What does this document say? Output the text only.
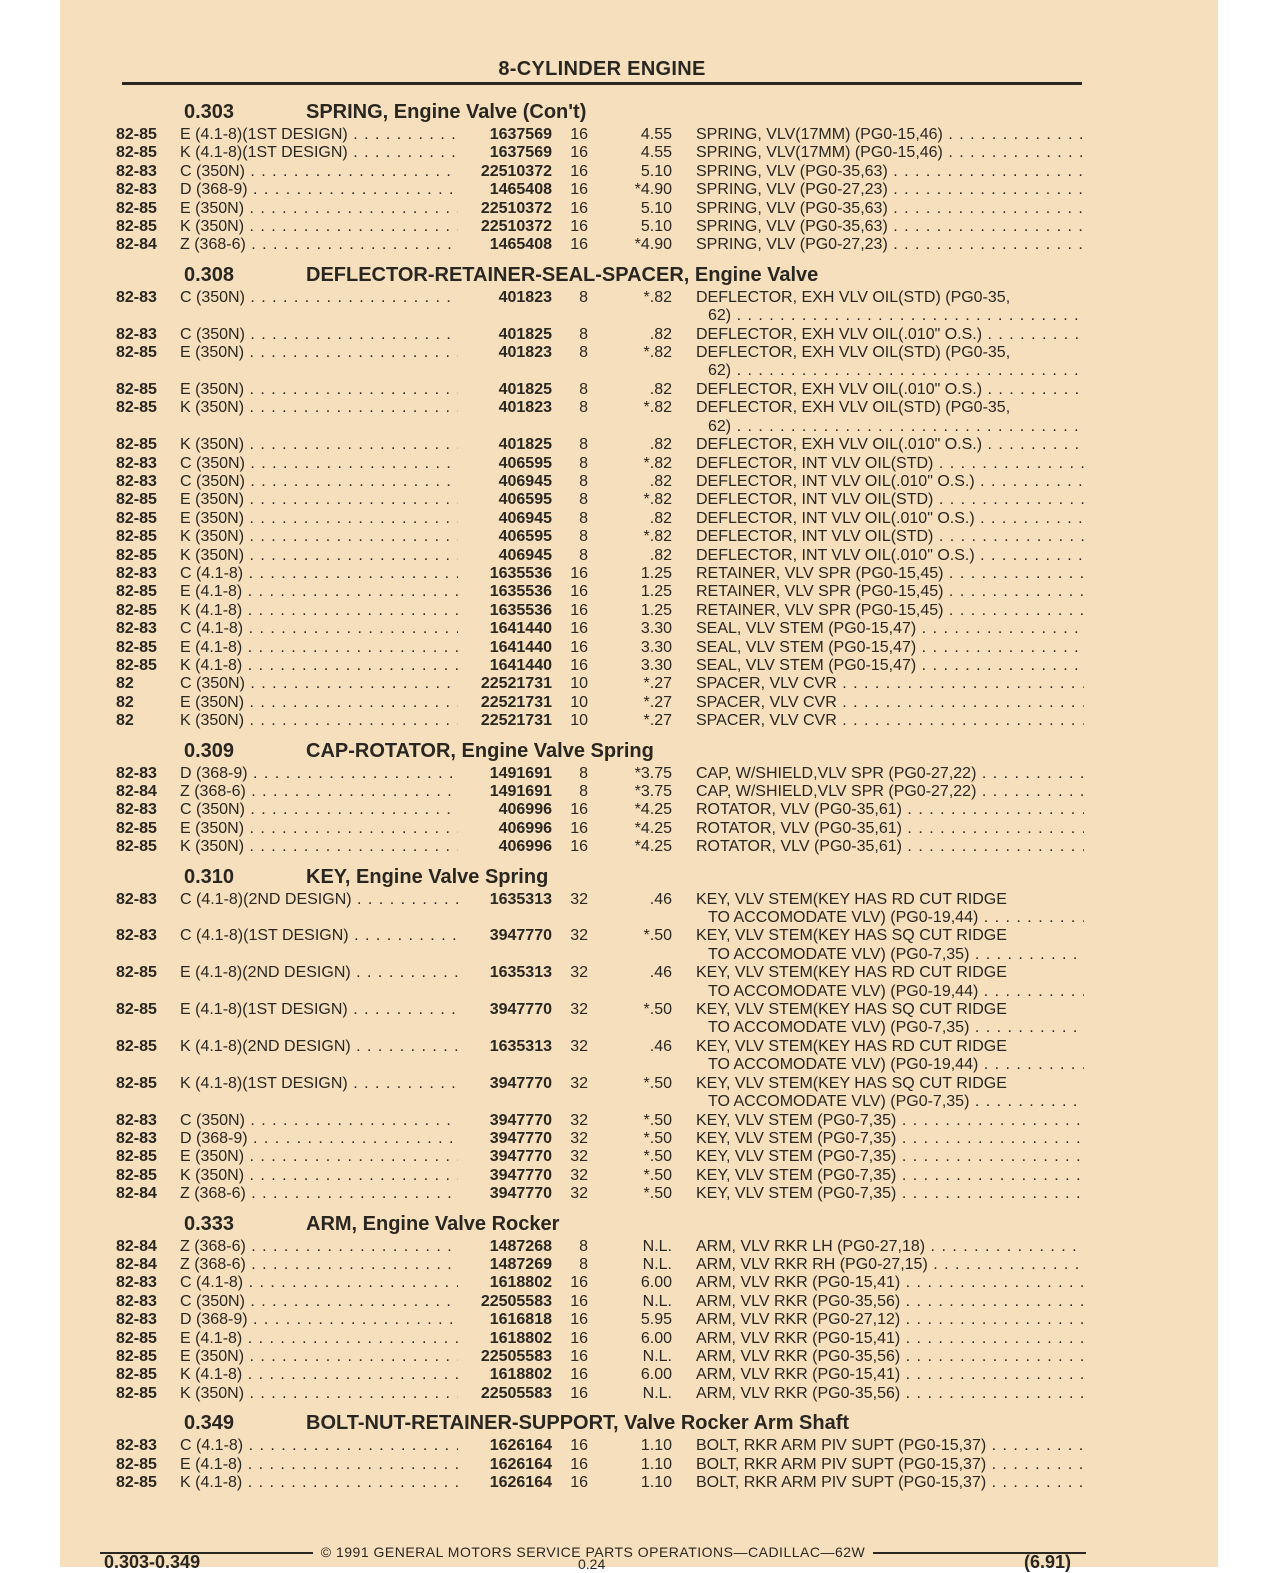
8-CYLINDER ENGINE
0.303	SPRING, Engine Valve (Con't)
82-85	E (4.1-8)(1ST DESIGN) . . .	1637569	16	4.55	SPRING, VLV(17MM) (PG0-15,46) . . .
82-85	K (4.1-8)(1ST DESIGN) . . .	1637569	16	4.55	SPRING, VLV(17MM) (PG0-15,46) . . .
82-83	C (350N) . . .	22510372	16	5.10	SPRING, VLV (PG0-35,63) . . .
82-83	D (368-9) . . .	1465408	16	*4.90	SPRING, VLV (PG0-27,23) . . .
82-85	E (350N) . . .	22510372	16	5.10	SPRING, VLV (PG0-35,63) . . .
82-85	K (350N) . . .	22510372	16	5.10	SPRING, VLV (PG0-35,63) . . .
82-84	Z (368-6) . . .	1465408	16	*4.90	SPRING, VLV (PG0-27,23) . . .
0.308	DEFLECTOR-RETAINER-SEAL-SPACER, Engine Valve
82-83	C (350N) . . .	401823	8	*.82	DEFLECTOR, EXH VLV OIL(STD) (PG0-35,
62) . . .
82-83	C (350N) . . .	401825	8	.82	DEFLECTOR, EXH VLV OIL(.010" O.S.) . . .
82-85	E (350N) . . .	401823	8	*.82	DEFLECTOR, EXH VLV OIL(STD) (PG0-35,
62) . . .
82-85	E (350N) . . .	401825	8	.82	DEFLECTOR, EXH VLV OIL(.010" O.S.) . . .
82-85	K (350N) . . .	401823	8	*.82	DEFLECTOR, EXH VLV OIL(STD) (PG0-35,
62) . . .
82-85	K (350N) . . .	401825	8	.82	DEFLECTOR, EXH VLV OIL(.010" O.S.) . . .
82-83	C (350N) . . .	406595	8	*.82	DEFLECTOR, INT VLV OIL(STD) . . .
82-83	C (350N) . . .	406945	8	.82	DEFLECTOR, INT VLV OIL(.010" O.S.) . . .
82-85	E (350N) . . .	406595	8	*.82	DEFLECTOR, INT VLV OIL(STD) . . .
82-85	E (350N) . . .	406945	8	.82	DEFLECTOR, INT VLV OIL(.010" O.S.) . . .
82-85	K (350N) . . .	406595	8	*.82	DEFLECTOR, INT VLV OIL(STD) . . .
82-85	K (350N) . . .	406945	8	.82	DEFLECTOR, INT VLV OIL(.010" O.S.) . . .
82-83	C (4.1-8) . . .	1635536	16	1.25	RETAINER, VLV SPR (PG0-15,45) . . .
82-85	E (4.1-8) . . .	1635536	16	1.25	RETAINER, VLV SPR (PG0-15,45) . . .
82-85	K (4.1-8) . . .	1635536	16	1.25	RETAINER, VLV SPR (PG0-15,45) . . .
82-83	C (4.1-8) . . .	1641440	16	3.30	SEAL, VLV STEM (PG0-15,47) . . .
82-85	E (4.1-8) . . .	1641440	16	3.30	SEAL, VLV STEM (PG0-15,47) . . .
82-85	K (4.1-8) . . .	1641440	16	3.30	SEAL, VLV STEM (PG0-15,47) . . .
82	C (350N) . . .	22521731	10	*.27	SPACER, VLV CVR . . .
82	E (350N) . . .	22521731	10	*.27	SPACER, VLV CVR . . .
82	K (350N) . . .	22521731	10	*.27	SPACER, VLV CVR . . .
0.309	CAP-ROTATOR, Engine Valve Spring
82-83	D (368-9) . . .	1491691	8	*3.75	CAP, W/SHIELD,VLV SPR (PG0-27,22) . . .
82-84	Z (368-6) . . .	1491691	8	*3.75	CAP, W/SHIELD,VLV SPR (PG0-27,22) . . .
82-83	C (350N) . . .	406996	16	*4.25	ROTATOR, VLV (PG0-35,61) . . .
82-85	E (350N) . . .	406996	16	*4.25	ROTATOR, VLV (PG0-35,61) . . .
82-85	K (350N) . . .	406996	16	*4.25	ROTATOR, VLV (PG0-35,61) . . .
0.310	KEY, Engine Valve Spring
82-83	C (4.1-8)(2ND DESIGN) . . .	1635313	32	.46	KEY, VLV STEM(KEY HAS RD CUT RIDGE
TO ACCOMODATE VLV) (PG0-19,44) . . .
82-83	C (4.1-8)(1ST DESIGN) . . .	3947770	32	*.50	KEY, VLV STEM(KEY HAS SQ CUT RIDGE
TO ACCOMODATE VLV) (PG0-7,35) . . .
82-85	E (4.1-8)(2ND DESIGN) . . .	1635313	32	.46	KEY, VLV STEM(KEY HAS RD CUT RIDGE
TO ACCOMODATE VLV) (PG0-19,44) . . .
82-85	E (4.1-8)(1ST DESIGN) . . .	3947770	32	*.50	KEY, VLV STEM(KEY HAS SQ CUT RIDGE
TO ACCOMODATE VLV) (PG0-7,35) . . .
82-85	K (4.1-8)(2ND DESIGN) . . .	1635313	32	.46	KEY, VLV STEM(KEY HAS RD CUT RIDGE
TO ACCOMODATE VLV) (PG0-19,44) . . .
82-85	K (4.1-8)(1ST DESIGN) . . .	3947770	32	*.50	KEY, VLV STEM(KEY HAS SQ CUT RIDGE
TO ACCOMODATE VLV) (PG0-7,35) . . .
82-83	C (350N) . . .	3947770	32	*.50	KEY, VLV STEM (PG0-7,35) . . .
82-83	D (368-9) . . .	3947770	32	*.50	KEY, VLV STEM (PG0-7,35) . . .
82-85	E (350N) . . .	3947770	32	*.50	KEY, VLV STEM (PG0-7,35) . . .
82-85	K (350N) . . .	3947770	32	*.50	KEY, VLV STEM (PG0-7,35) . . .
82-84	Z (368-6) . . .	3947770	32	*.50	KEY, VLV STEM (PG0-7,35) . . .
0.333	ARM, Engine Valve Rocker
82-84	Z (368-6) . . .	1487268	8	N.L.	ARM, VLV RKR LH (PG0-27,18) . . .
82-84	Z (368-6) . . .	1487269	8	N.L.	ARM, VLV RKR RH (PG0-27,15) . . .
82-83	C (4.1-8) . . .	1618802	16	6.00	ARM, VLV RKR (PG0-15,41) . . .
82-83	C (350N) . . .	22505583	16	N.L.	ARM, VLV RKR (PG0-35,56) . . .
82-83	D (368-9) . . .	1616818	16	5.95	ARM, VLV RKR (PG0-27,12) . . .
82-85	E (4.1-8) . . .	1618802	16	6.00	ARM, VLV RKR (PG0-15,41) . . .
82-85	E (350N) . . .	22505583	16	N.L.	ARM, VLV RKR (PG0-35,56) . . .
82-85	K (4.1-8) . . .	1618802	16	6.00	ARM, VLV RKR (PG0-15,41) . . .
82-85	K (350N) . . .	22505583	16	N.L.	ARM, VLV RKR (PG0-35,56) . . .
0.349	BOLT-NUT-RETAINER-SUPPORT, Valve Rocker Arm Shaft
82-83	C (4.1-8) . . .	1626164	16	1.10	BOLT, RKR ARM PIV SUPT (PG0-15,37) . . .
82-85	E (4.1-8) . . .	1626164	16	1.10	BOLT, RKR ARM PIV SUPT (PG0-15,37) . . .
82-85	K (4.1-8) . . .	1626164	16	1.10	BOLT, RKR ARM PIV SUPT (PG0-15,37) . . .
© 1991 GENERAL MOTORS SERVICE PARTS OPERATIONS—CADILLAC—62W
0.303-0.349	0.24	(6.91)
